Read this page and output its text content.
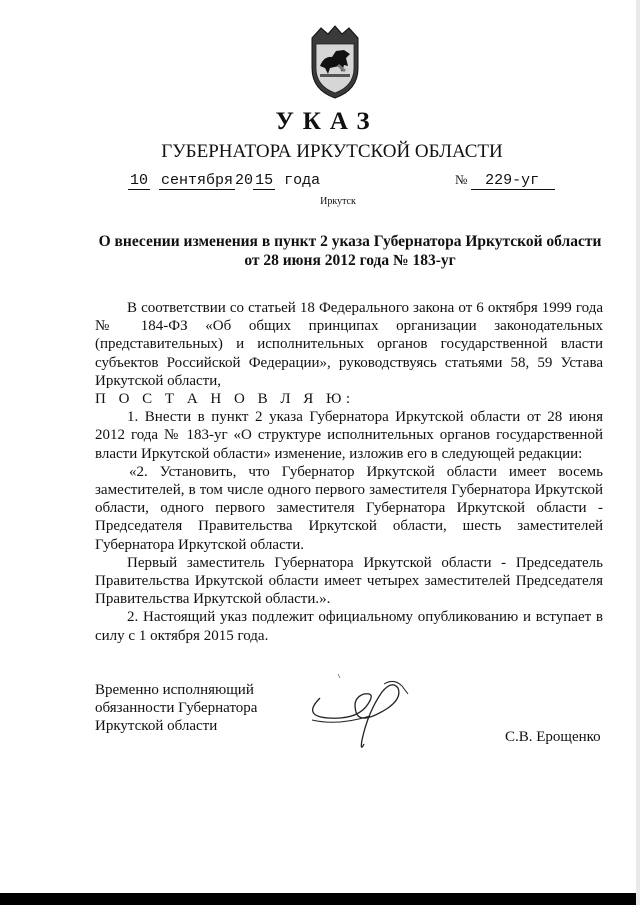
УКАЗ
ГУБЕРНАТОРА ИРКУТСКОЙ ОБЛАСТИ
10 сентября 20 15 года	№ 229-уг
Иркутск
О внесении изменения в пункт 2 указа Губернатора Иркутской области
от 28 июня 2012 года № 183-уг

В соответствии со статьей 18 Федерального закона от 6 октября 1999 года № 184-ФЗ «Об общих принципах организации законодательных (представительных) и исполнительных органов государственной власти субъектов Российской Федерации», руководствуясь статьями 58, 59 Устава Иркутской области,

П О С Т А Н О В Л Я Ю:

1. Внести в пункт 2 указа Губернатора Иркутской области от 28 июня 2012 года № 183-уг «О структуре исполнительных органов государственной власти Иркутской области» изменение, изложив его в следующей редакции:

«2. Установить, что Губернатор Иркутской области имеет восемь заместителей, в том числе одного первого заместителя Губернатора Иркутской области, одного первого заместителя Губернатора Иркутской области - Председателя Правительства Иркутской области, шесть заместителей Губернатора Иркутской области.

Первый заместитель Губернатора Иркутской области - Председатель Правительства Иркутской области имеет четырех заместителей Председателя Правительства Иркутской области.».

2. Настоящий указ подлежит официальному опубликованию и вступает в силу с 1 октября 2015 года.

Временно исполняющий
обязанности Губернатора
Иркутской области
С.В. Ерощенко
